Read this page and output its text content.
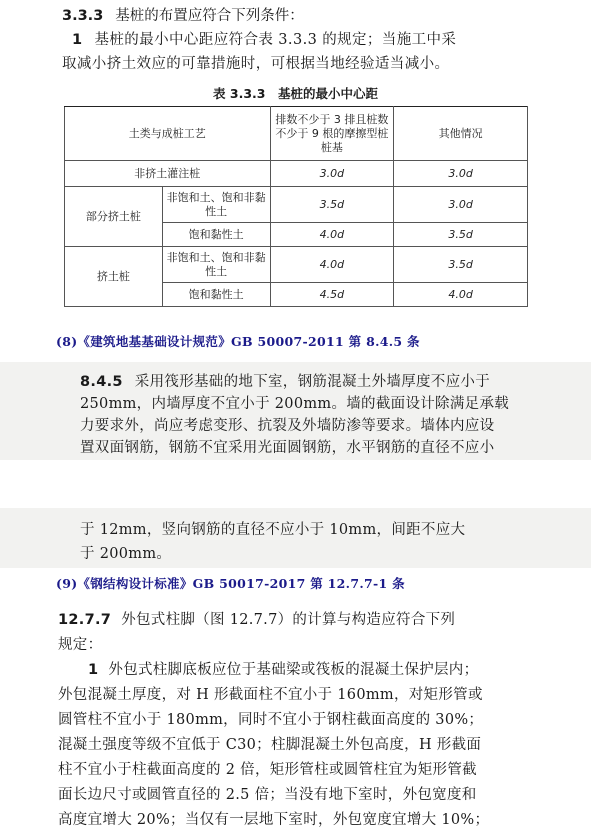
3.3.3 基桩的布置应符合下列条件：
1 基桩的最小中心距应符合表 3.3.3 的规定；当施工中采
取减小挤土效应的可靠措施时，可根据当地经验适当减小。
表 3.3.3　基桩的最小中心距
土类与成桩工艺		排数不少于 3 排且桩数不少于 9 根的摩擦型桩桩基	其他情况
非挤土灌注桩		3.0d	3.0d
部分挤土桩	非饱和土、饱和非黏性土	3.5d	3.0d
	饱和黏性土	4.0d	3.5d
挤土桩	非饱和土、饱和非黏性土	4.0d	3.5d
	饱和黏性土	4.5d	4.0d
(8)《建筑地基基础设计规范》GB 50007-2011 第 8.4.5 条
8.4.5 采用筏形基础的地下室，钢筋混凝土外墙厚度不应小于
250mm，内墙厚度不宜小于 200mm。墙的截面设计除满足承载
力要求外，尚应考虑变形、抗裂及外墙防渗等要求。墙体内应设
置双面钢筋，钢筋不宜采用光面圆钢筋，水平钢筋的直径不应小
于 12mm，竖向钢筋的直径不应小于 10mm，间距不应大
于 200mm。
(9)《钢结构设计标准》GB 50017-2017 第 12.7.7-1 条
12.7.7 外包式柱脚（图 12.7.7）的计算与构造应符合下列
规定：
1 外包式柱脚底板应位于基础梁或筏板的混凝土保护层内；
外包混凝土厚度，对 H 形截面柱不宜小于 160mm，对矩形管或
圆管柱不宜小于 180mm，同时不宜小于钢柱截面高度的 30%；
混凝土强度等级不宜低于 C30；柱脚混凝土外包高度，H 形截面
柱不宜小于柱截面高度的 2 倍，矩形管柱或圆管柱宜为矩形管截
面长边尺寸或圆管直径的 2.5 倍；当没有地下室时，外包宽度和
高度宜增大 20%；当仅有一层地下室时，外包宽度宜增大 10%；
